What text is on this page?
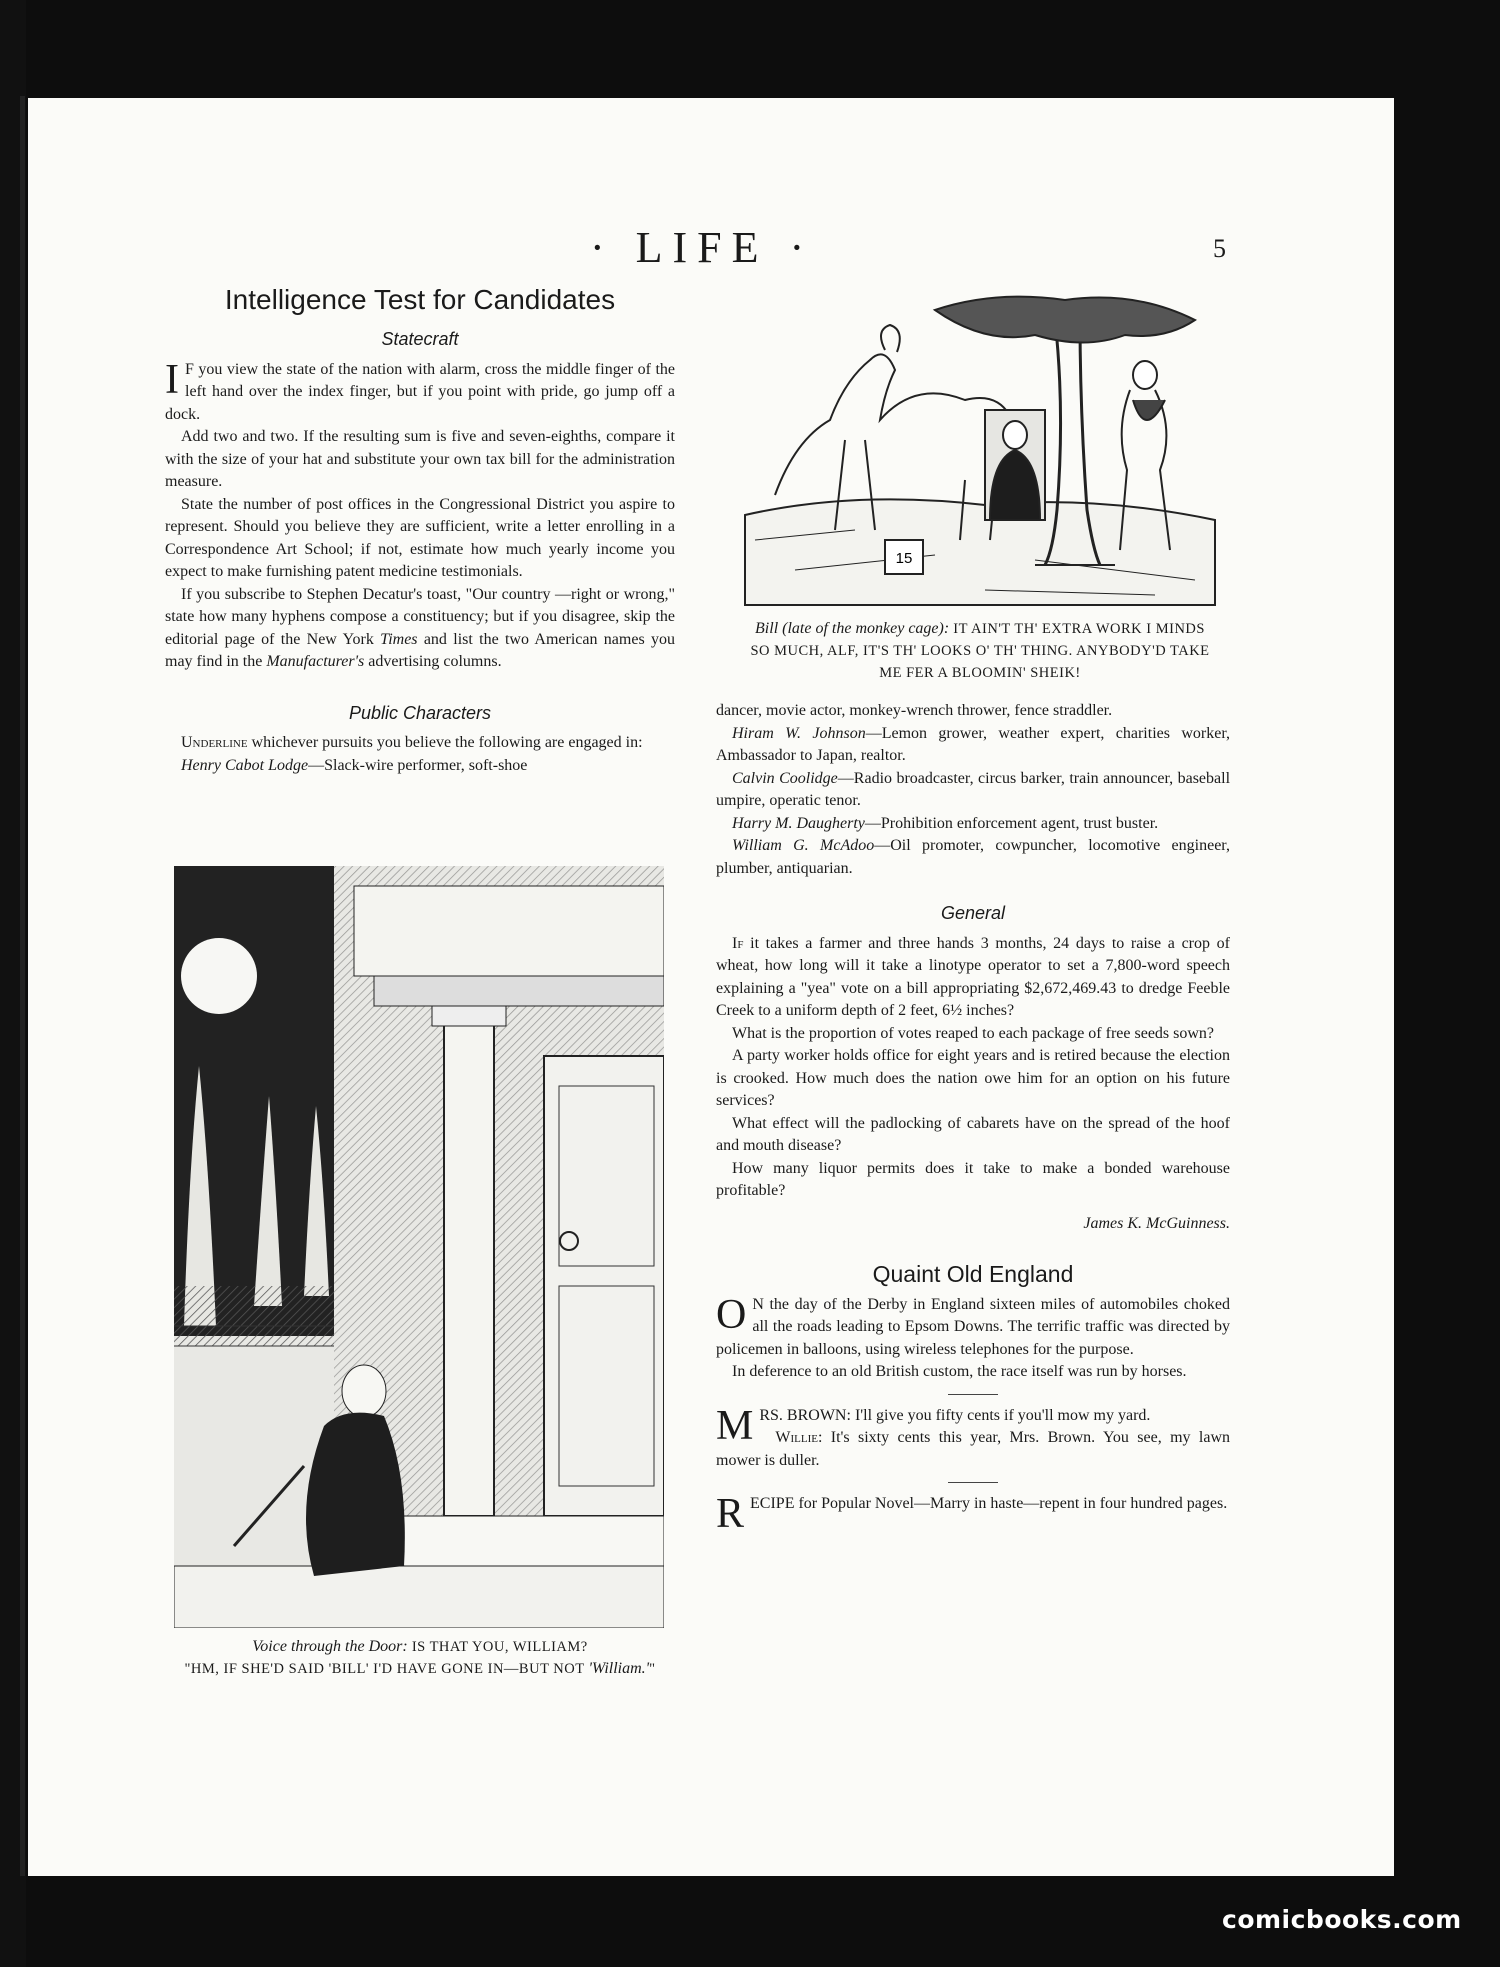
· LIFE ·	5
Intelligence Test for Candidates
Statecraft

I F you view the state of the nation with alarm, cross the middle finger of the left hand over the index finger, but if you point with pride, go jump off a dock.

Add two and two. If the resulting sum is five and seven-eighths, compare it with the size of your hat and substitute your own tax bill for the administration measure.

State the number of post offices in the Congressional District you aspire to represent. Should you believe they are sufficient, write a letter enrolling in a Correspondence Art School; if not, estimate how much yearly income you expect to make furnishing patent medicine testimonials.

If you subscribe to Stephen Decatur's toast, "Our country —right or wrong," state how many hyphens compose a constituency; but if you disagree, skip the editorial page of the New York Times and list the two American names you may find in the Manufacturer's advertising columns.

Public Characters

Underline whichever pursuits you believe the following are engaged in:

Henry Cabot Lodge—Slack-wire performer, soft-shoe

15
Bill (late of the monkey cage): IT AIN'T TH' EXTRA WORK I MINDS SO MUCH, ALF, IT'S TH' LOOKS O' TH' THING. ANYBODY'D TAKE ME FER A BLOOMIN' SHEIK!

dancer, movie actor, monkey-wrench thrower, fence straddler.

Hiram W. Johnson—Lemon grower, weather expert, charities worker, Ambassador to Japan, realtor.

Calvin Coolidge—Radio broadcaster, circus barker, train announcer, baseball umpire, operatic tenor.

Harry M. Daugherty—Prohibition enforcement agent, trust buster.

William G. McAdoo—Oil promoter, cowpuncher, locomotive engineer, plumber, antiquarian.

General

If it takes a farmer and three hands 3 months, 24 days to raise a crop of wheat, how long will it take a linotype operator to set a 7,800-word speech explaining a "yea" vote on a bill appropriating $2,672,469.43 to dredge Feeble Creek to a uniform depth of 2 feet, 6½ inches?

What is the proportion of votes reaped to each package of free seeds sown?

A party worker holds office for eight years and is retired because the election is crooked. How much does the nation owe him for an option on his future services?

What effect will the padlocking of cabarets have on the spread of the hoof and mouth disease?

How many liquor permits does it take to make a bonded warehouse profitable?

James K. McGuinness.
Quaint Old England

O N the day of the Derby in England sixteen miles of automobiles choked all the roads leading to Epsom Downs. The terrific traffic was directed by policemen in balloons, using wireless telephones for the purpose.

In deference to an old British custom, the race itself was run by horses.

MRS. BROWN: I'll give you fifty cents if you'll mow my yard.

Willie: It's sixty cents this year, Mrs. Brown. You see, my lawn mower is duller.

RECIPE for Popular Novel—Marry in haste—repent in four hundred pages.

Voice through the Door: IS THAT YOU, WILLIAM?
"HM, IF SHE'D SAID 'BILL' I'D HAVE GONE IN—BUT NOT 'William.'"
comicbooks.com
